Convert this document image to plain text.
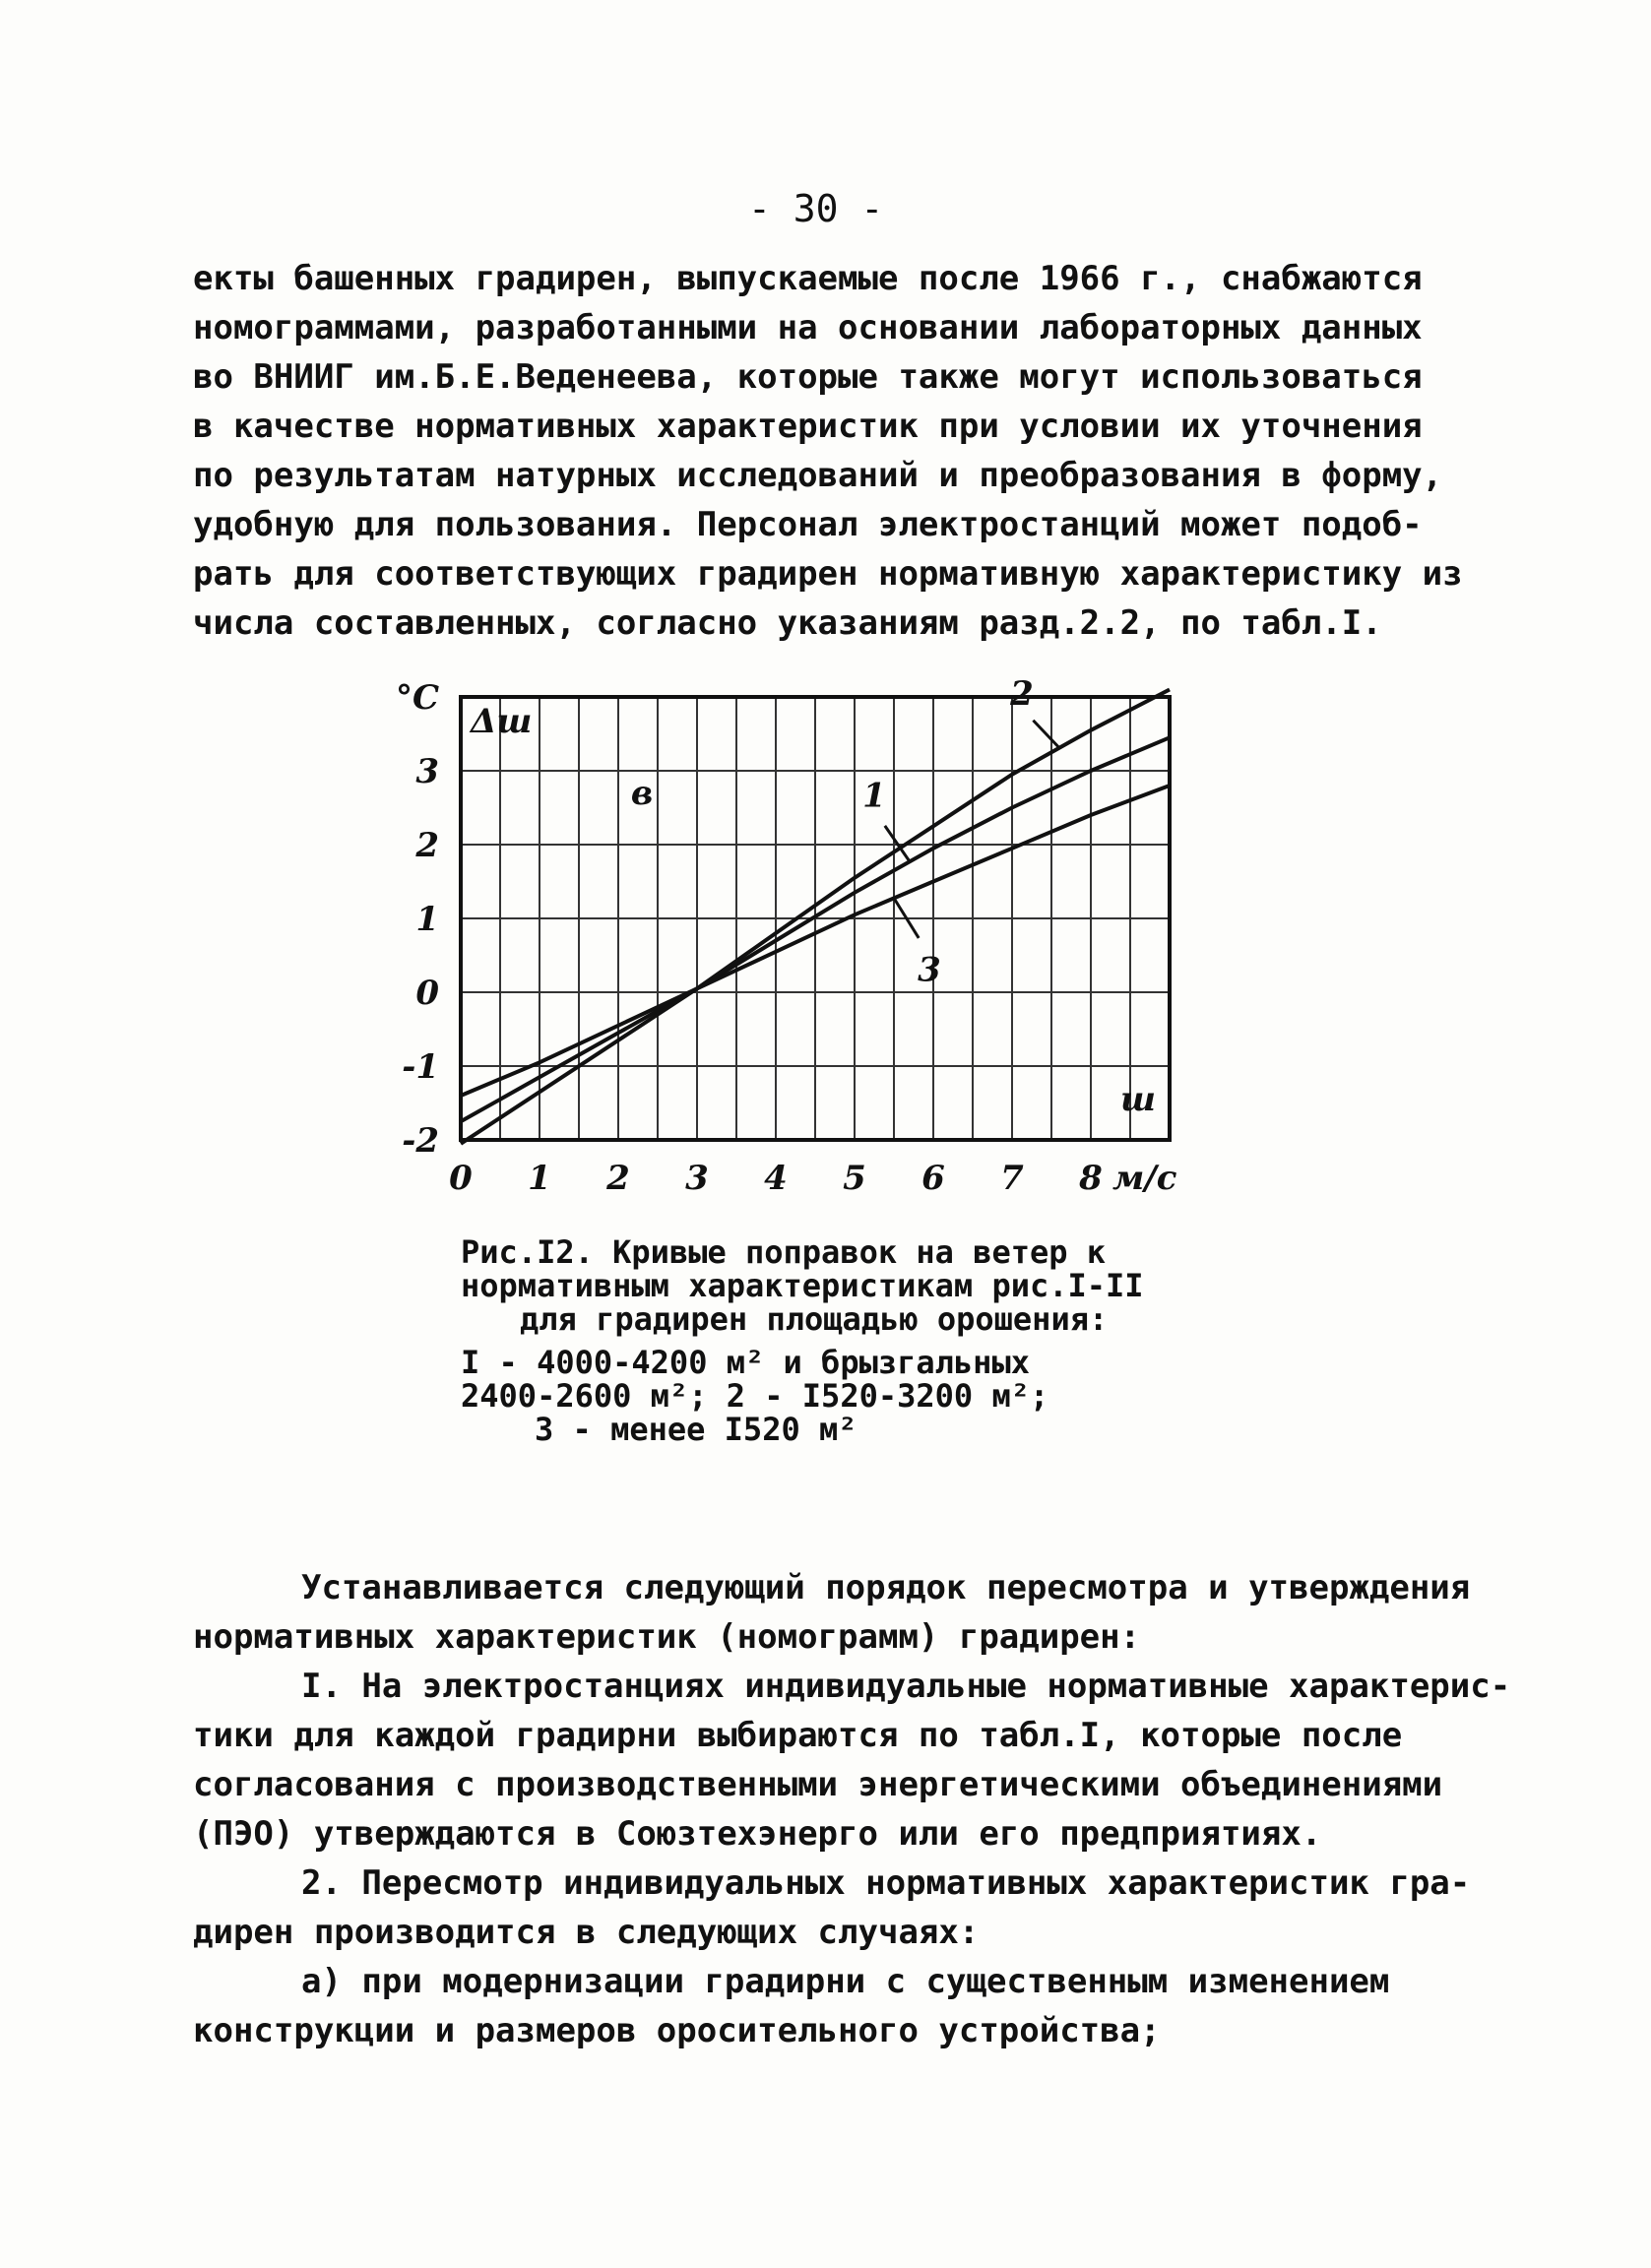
- 30 -
екты башенных градирен, выпускаемые после 1966 г., снабжаются
номограммами, разработанными на основании лабораторных данных
во ВНИИГ им.Б.Е.Веденеева, которые также могут использоваться
в качестве нормативных характеристик при условии их уточнения
по результатам натурных исследований и преобразования в форму,
удобную для пользования. Персонал электростанций может подоб-
рать для соответствующих градирен нормативную характеристику из
числа составленных, согласно указаниям разд.2.2, по табл.I.
-2
-1
0
1
2
3
0 1 2 3 4 5 6 7 8
°C
м/с
Δш
ш
в
2
1
3
Рис.I2. Кривые поправок на ветер к
нормативным характеристикам рис.I-II
для градирен площадью орошения:
I - 4000-4200 м² и брызгальных
2400-2600 м²; 2 - I520-3200 м²;
3 - менее I520 м²
Устанавливается следующий порядок пересмотра и утверждения
нормативных характеристик (номограмм) градирен:
I. На электростанциях индивидуальные нормативные характерис-
тики для каждой градирни выбираются по табл.I, которые после
согласования с производственными энергетическими объединениями
(ПЭО) утверждаются в Союзтехэнерго или его предприятиях.
2. Пересмотр индивидуальных нормативных характеристик гра-
дирен производится в следующих случаях:
а) при модернизации градирни с существенным изменением
конструкции и размеров оросительного устройства;
